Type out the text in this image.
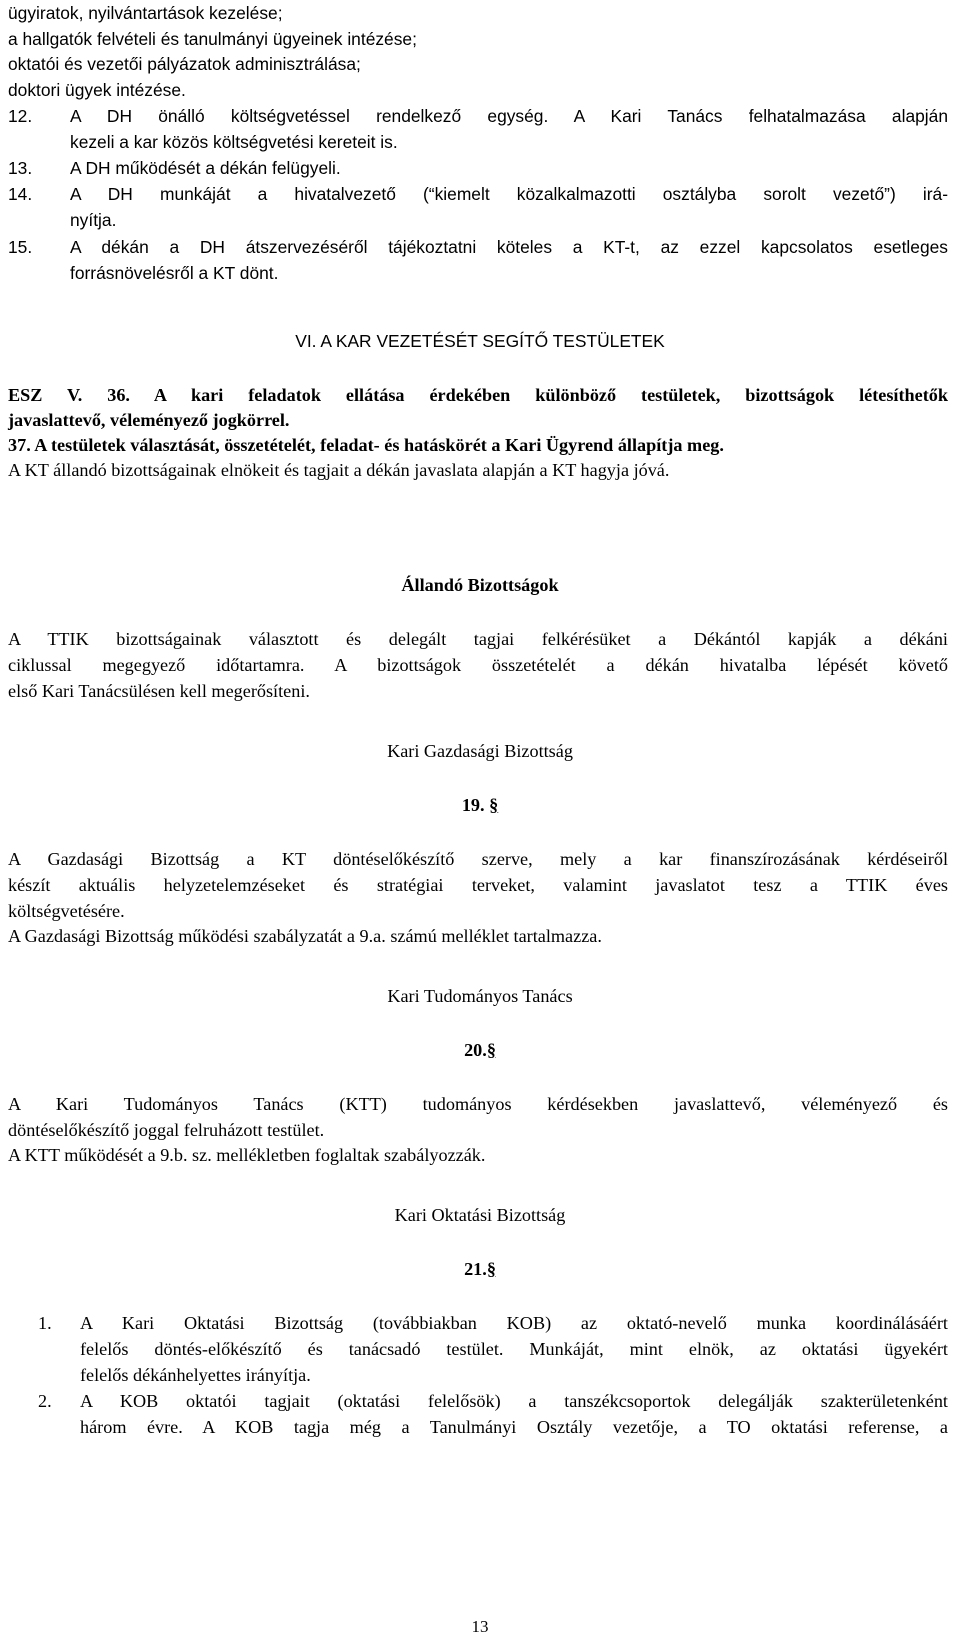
ügyiratok, nyilvántartások kezelése;
a hallgatók felvételi és tanulmányi ügyeinek intézése;
oktatói és vezetői pályázatok adminisztrálása;
doktori ügyek intézése.
12. A DH önálló költségvetéssel rendelkező egység. A Kari Tanács felhatalmazása alapján
kezeli a kar közös költségvetési kereteit is.
13. A DH működését a dékán felügyeli.
14. A DH munkáját a hivatalvezető (“kiemelt közalkalmazotti osztályba sorolt vezető”) irá-
nyítja.
15. A dékán a DH átszervezéséről tájékoztatni köteles a KT-t, az ezzel kapcsolatos esetleges
forrásnövelésről a KT dönt.
VI. A KAR VEZETÉSÉT SEGÍTŐ TESTÜLETEK
ESZ V. 36. A kari feladatok ellátása érdekében különböző testületek, bizottságok létesíthetők
javaslattevő, véleményező jogkörrel.
37. A testületek választását, összetételét, feladat- és hatáskörét a Kari Ügyrend állapítja meg.
A KT állandó bizottságainak elnökeit és tagjait a dékán javaslata alapján a KT hagyja jóvá.
Állandó Bizottságok
A TTIK bizottságainak választott és delegált tagjai felkérésüket a Dékántól kapják a dékáni
ciklussal megegyező időtartamra. A bizottságok összetételét a dékán hivatalba lépését követő
első Kari Tanácsülésen kell megerősíteni.
Kari Gazdasági Bizottság
19. §
A Gazdasági Bizottság a KT döntéselőkészítő szerve, mely a kar finanszírozásának kérdéseiről
készít aktuális helyzetelemzéseket és stratégiai terveket, valamint javaslatot tesz a TTIK éves
költségvetésére.
A Gazdasági Bizottság működési szabályzatát a 9.a. számú melléklet tartalmazza.
Kari Tudományos Tanács
20.§
A Kari Tudományos Tanács (KTT) tudományos kérdésekben javaslattevő, véleményező és
döntéselőkészítő joggal felruházott testület.
A KTT működését a 9.b. sz. mellékletben foglaltak szabályozzák.
Kari Oktatási Bizottság
21.§
1. A Kari Oktatási Bizottság (továbbiakban KOB) az oktató-nevelő munka koordinálásáért
felelős döntés-előkészítő és tanácsadó testület. Munkáját, mint elnök, az oktatási ügyekért
felelős dékánhelyettes irányítja.
2. A KOB oktatói tagjait (oktatási felelősök) a tanszékcsoportok delegálják szakterületenként
három évre. A KOB tagja még a Tanulmányi Osztály vezetője, a TO oktatási referense, a
13
